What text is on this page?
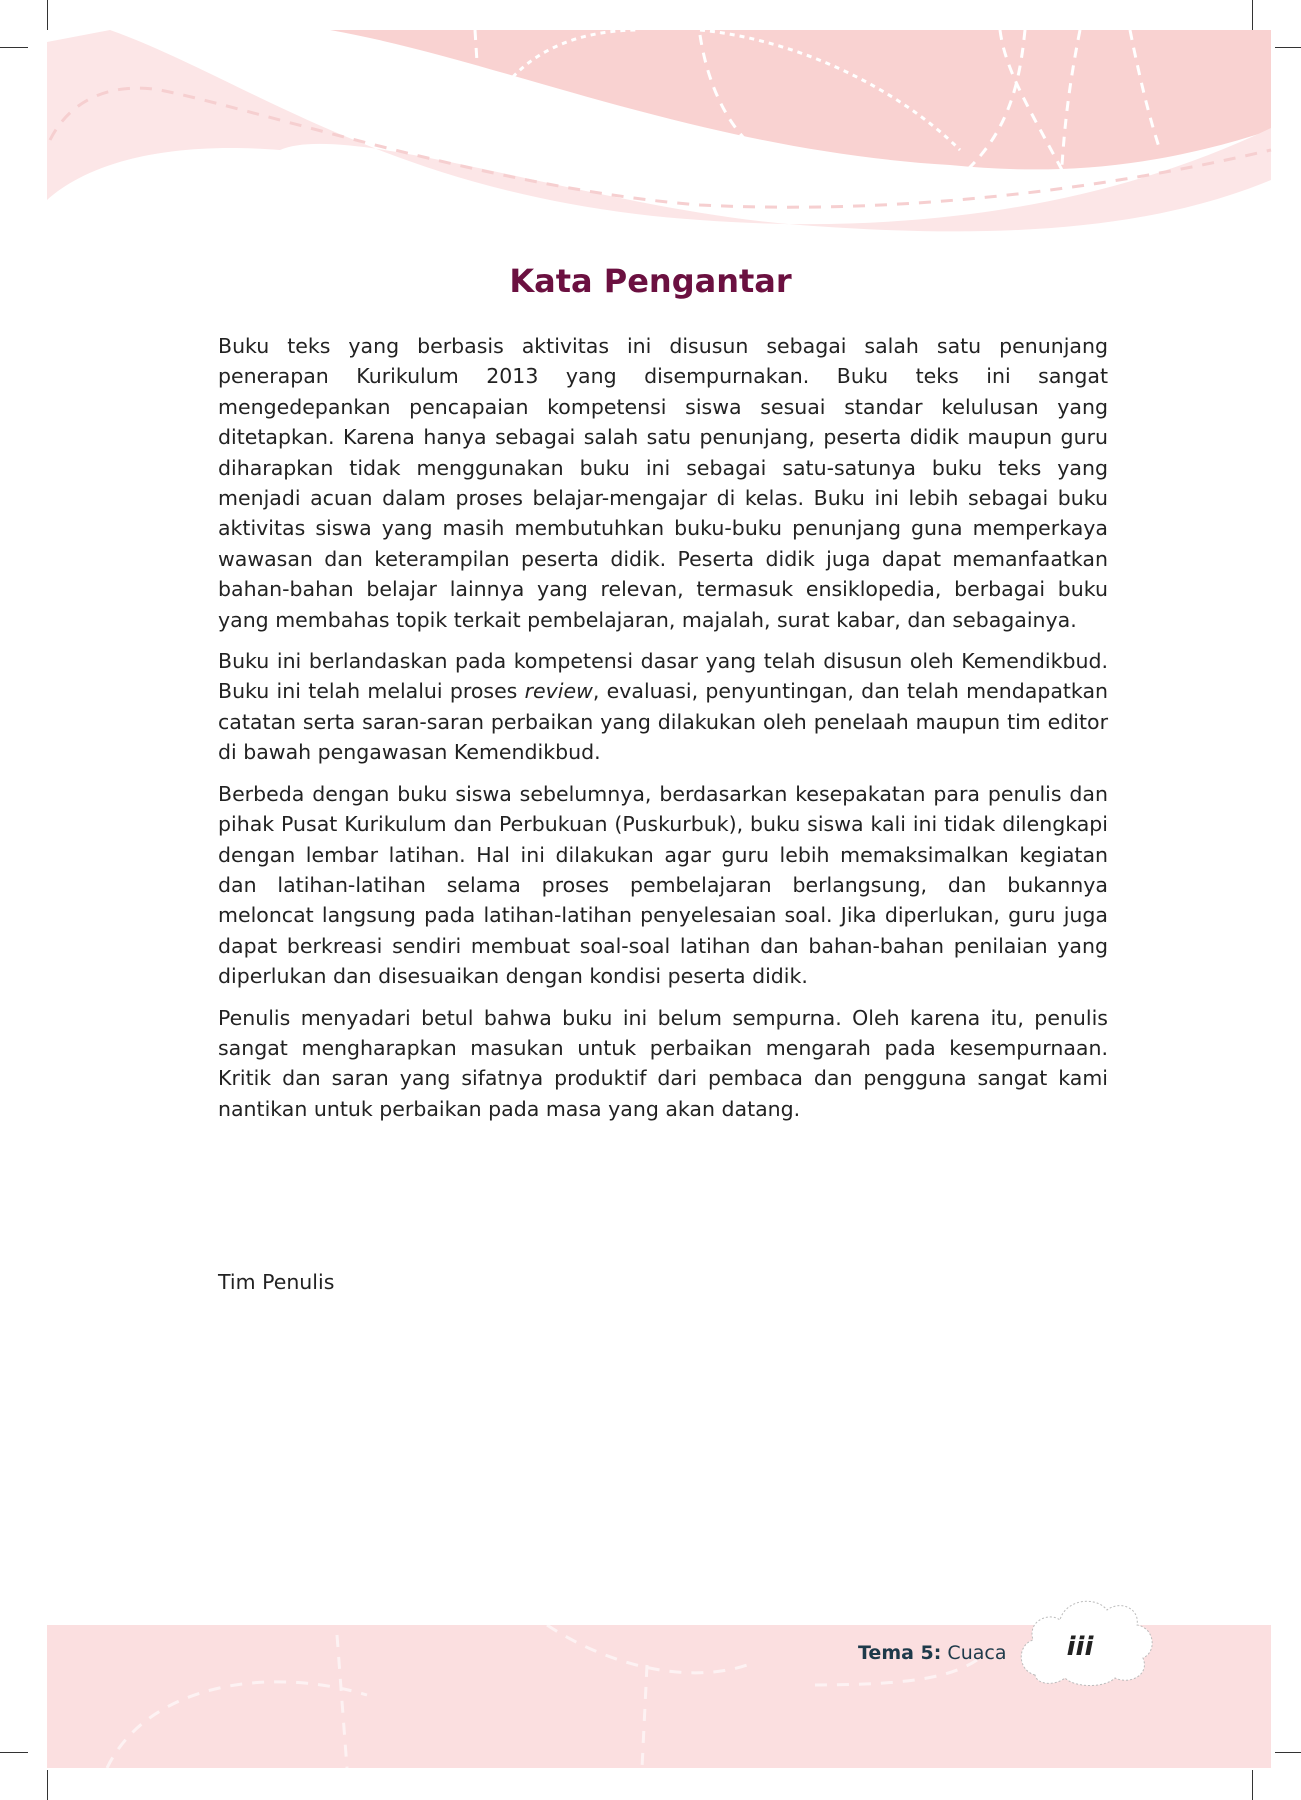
Kata Pengantar

Buku teks yang berbasis aktivitas ini disusun sebagai salah satu penunjang penerapan Kurikulum 2013 yang disempurnakan. Buku teks ini sangat mengedepankan pencapaian kompetensi siswa sesuai standar kelulusan yang ditetapkan. Karena hanya sebagai salah satu penunjang, peserta didik maupun guru diharapkan tidak menggunakan buku ini sebagai satu-satunya buku teks yang menjadi acuan dalam proses belajar-mengajar di kelas. Buku ini lebih sebagai buku aktivitas siswa yang masih membutuhkan buku-buku penunjang guna memperkaya wawasan dan keterampilan peserta didik. Peserta didik juga dapat memanfaatkan bahan-bahan belajar lainnya yang relevan, termasuk ensiklopedia, berbagai buku yang membahas topik terkait pembelajaran, majalah, surat kabar, dan sebagainya.

Buku ini berlandaskan pada kompetensi dasar yang telah disusun oleh Kemendikbud. Buku ini telah melalui proses review, evaluasi, penyuntingan, dan telah mendapatkan catatan serta saran-saran perbaikan yang dilakukan oleh penelaah maupun tim editor di bawah pengawasan Kemendikbud.

Berbeda dengan buku siswa sebelumnya, berdasarkan kesepakatan para penulis dan pihak Pusat Kurikulum dan Perbukuan (Puskurbuk), buku siswa kali ini tidak dilengkapi dengan lembar latihan. Hal ini dilakukan agar guru lebih memaksimalkan kegiatan dan latihan-latihan selama proses pembelajaran berlangsung, dan bukannya meloncat langsung pada latihan-latihan penyelesaian soal. Jika diperlukan, guru juga dapat berkreasi sendiri membuat soal-soal latihan dan bahan-bahan penilaian yang diperlukan dan disesuaikan dengan kondisi peserta didik.

Penulis menyadari betul bahwa buku ini belum sempurna. Oleh karena itu, penulis sangat mengharapkan masukan untuk perbaikan mengarah pada kesempurnaan. Kritik dan saran yang sifatnya produktif dari pembaca dan pengguna sangat kami nantikan untuk perbaikan pada masa yang akan datang.

Tim Penulis
Tema 5: Cuaca	iii
